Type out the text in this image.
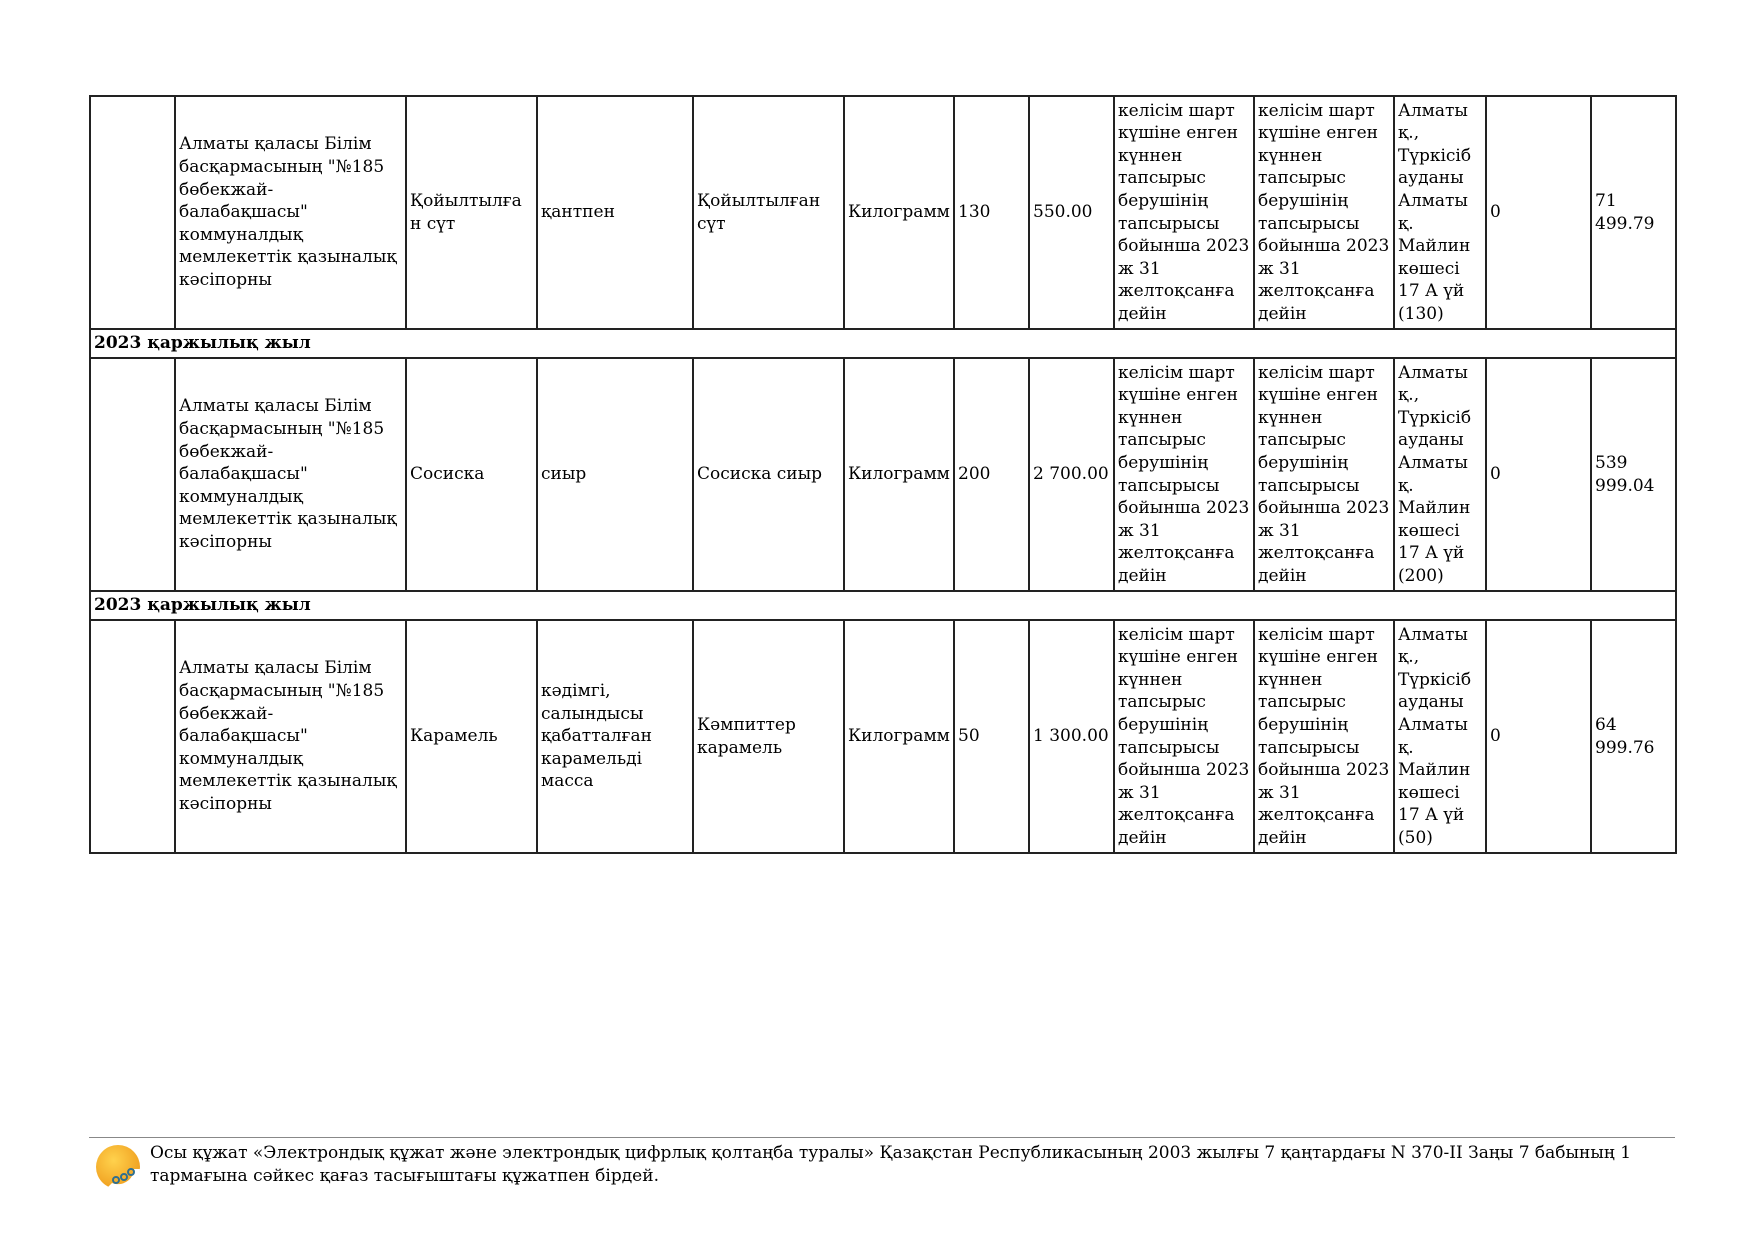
	Алматы қаласы Білім басқармасының "№185 бөбекжай-балабақшасы" коммуналдық мемлекеттік қазыналық кәсіпорны	Қойылтылған сүт	қантпен	Қойылтылған сүт	Килограмм	130	550.00	келісім шарт күшіне енген күннен тапсырыс берушінің тапсырысы бойынша 2023 ж 31 желтоқсанға дейін	келісім шарт күшіне енген күннен тапсырыс берушінің тапсырысы бойынша 2023 ж 31 желтоқсанға дейін	Алматы қ., Түркісіб ауданы Алматы қ. Майлин көшесі 17 А үй (130)	0	71 499.79
2023 қаржылық жыл												
	Алматы қаласы Білім басқармасының "№185 бөбекжай-балабақшасы" коммуналдық мемлекеттік қазыналық кәсіпорны	Сосиска	сиыр	Сосиска сиыр	Килограмм	200	2 700.00	келісім шарт күшіне енген күннен тапсырыс берушінің тапсырысы бойынша 2023 ж 31 желтоқсанға дейін	келісім шарт күшіне енген күннен тапсырыс берушінің тапсырысы бойынша 2023 ж 31 желтоқсанға дейін	Алматы қ., Түркісіб ауданы Алматы қ. Майлин көшесі 17 А үй (200)	0	539 999.04
2023 қаржылық жыл												
	Алматы қаласы Білім басқармасының "№185 бөбекжай-балабақшасы" коммуналдық мемлекеттік қазыналық кәсіпорны	Карамель	кәдімгі, салындысы қабатталған карамельді масса	Кәмпиттер карамель	Килограмм	50	1 300.00	келісім шарт күшіне енген күннен тапсырыс берушінің тапсырысы бойынша 2023 ж 31 желтоқсанға дейін	келісім шарт күшіне енген күннен тапсырыс берушінің тапсырысы бойынша 2023 ж 31 желтоқсанға дейін	Алматы қ., Түркісіб ауданы Алматы қ. Майлин көшесі 17 А үй (50)	0	64 999.76
Осы құжат «Электрондық құжат және электрондық цифрлық қолтаңба туралы» Қазақстан Республикасының 2003 жылғы 7 қаңтардағы N 370-II Заңы 7 бабының 1 тармағына сәйкес қағаз тасығыштағы құжатпен бірдей.
